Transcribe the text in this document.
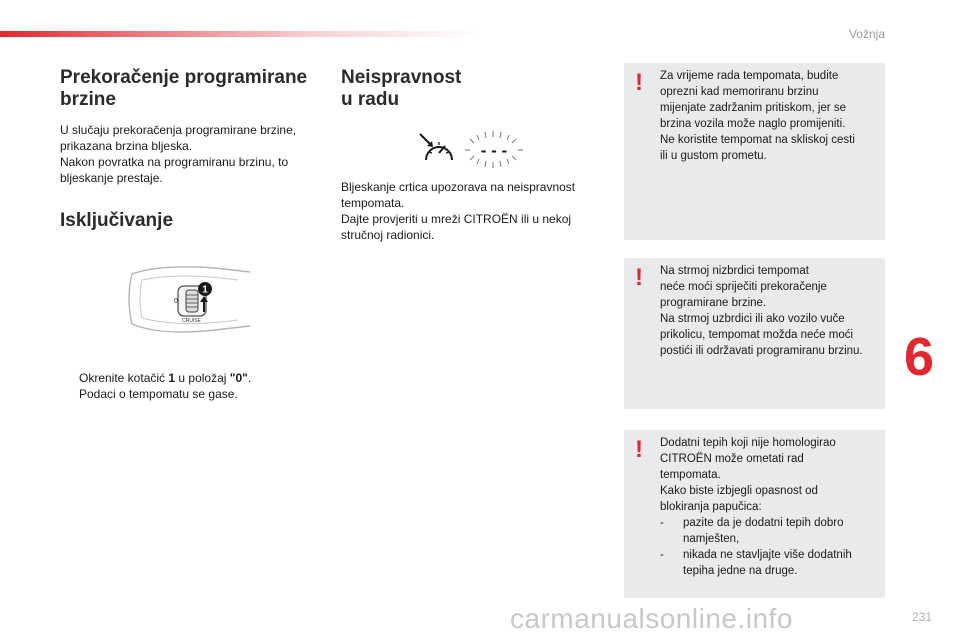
Vožnja
Prekoračenje programirane
brzine

U slučaju prekoračenja programirane brzine,

prikazana brzina bljeska.

Nakon povratka na programiranu brzinu, to

bljeskanje prestaje.

Isključivanje
0
1
CRUISE

Okrenite kotačić 1 u položaj "0".

Podaci o tempomatu se gase.

Neispravnost
u radu
- - -

Bljeskanje crtica upozorava na neispravnost

tempomata.

Dajte provjeriti u mreži CITROËN ili u nekoj

stručnoj radionici.

! Za vrijeme rada tempomata, budite

oprezni kad memoriranu brzinu

mijenjate zadržanim pritiskom, jer se

brzina vozila može naglo promijeniti.

Ne koristite tempomat na skliskoj cesti

ili u gustom prometu.

! Na strmoj nizbrdici tempomat

neće moći spriječiti prekoračenje

programirane brzine.

Na strmoj uzbrdici ili ako vozilo vuče

prikolicu, tempomat možda neće moći

postići ili održavati programiranu brzinu.

! Dodatni tepih koji nije homologirao

CITROËN može ometati rad

tempomata.

Kako biste izbjegli opasnost od

blokiranja papučica:

- pazite da je dodatni tepih dobro

namješten,

- nikada ne stavljajte više dodatnih

tepiha jedne na druge.

6
carmanualsonline.info	231
